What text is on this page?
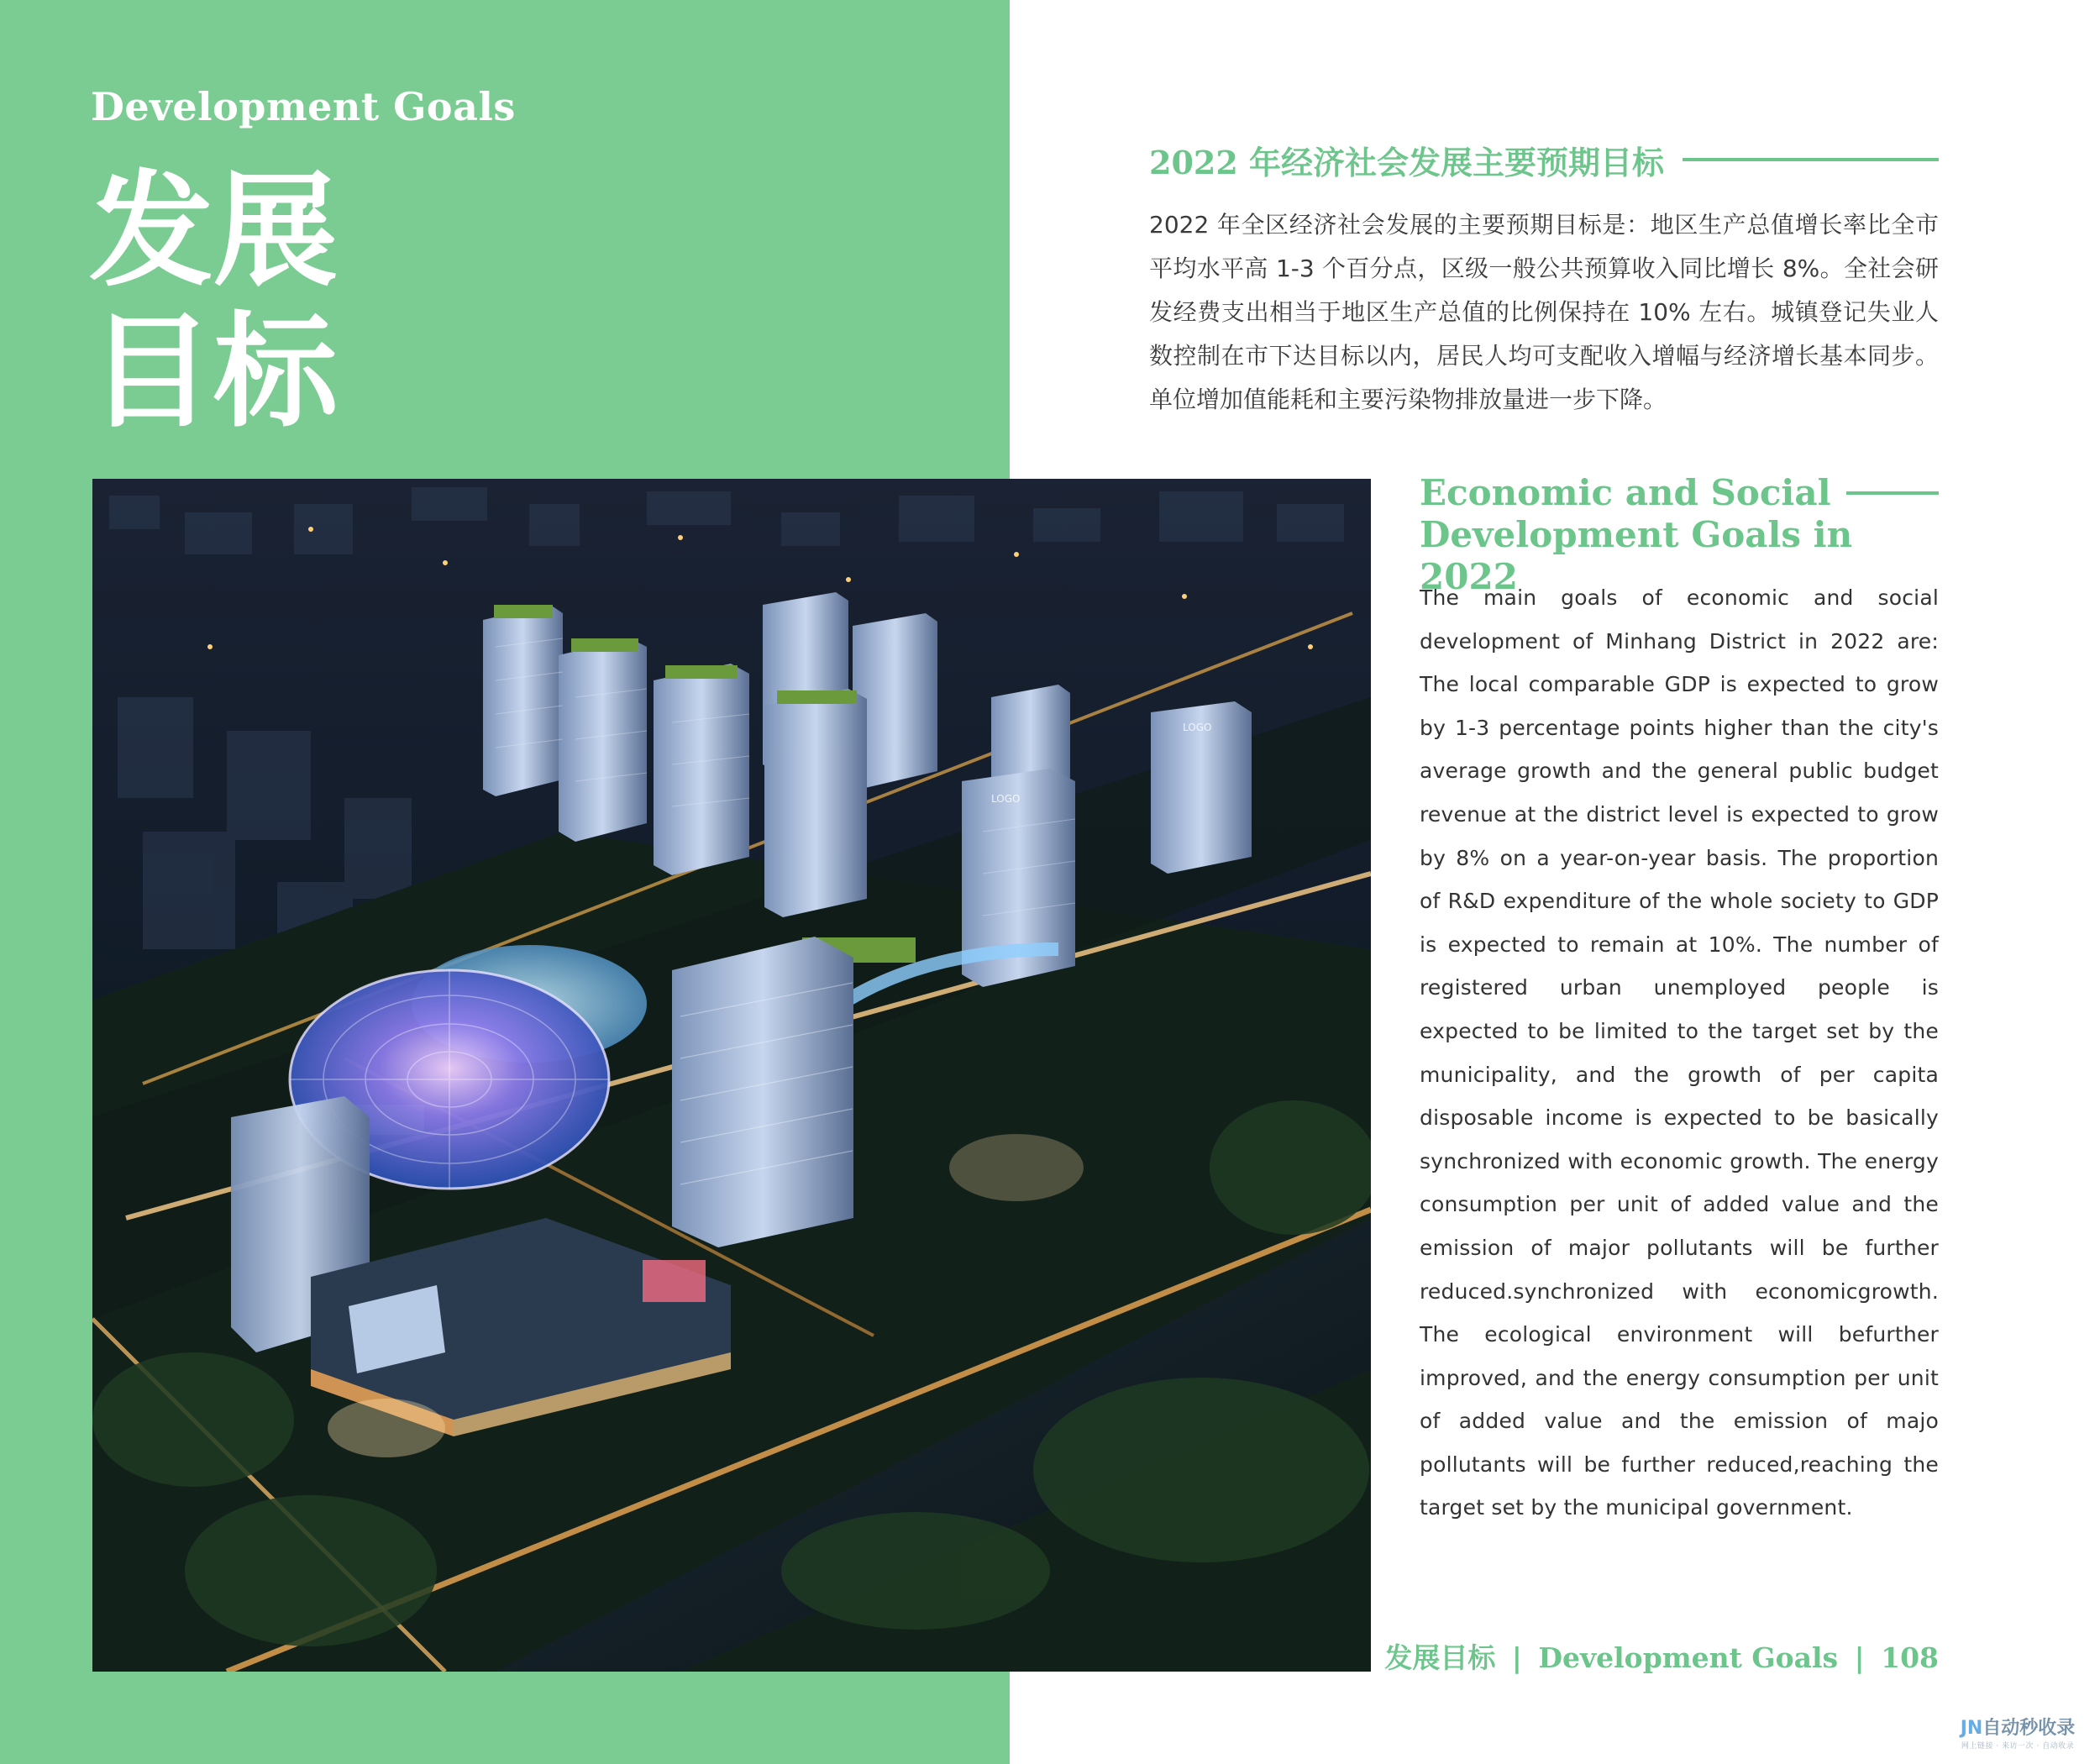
Development Goals
发展
目标
LOGO
LOGO
2022 年经济社会发展主要预期目标
2022 年全区经济社会发展的主要预期目标是：地区生产总值增长率比全市平均水平高 1-3 个百分点，区级一般公共预算收入同比增长 8%。全社会研发经费支出相当于地区生产总值的比例保持在 10% 左右。城镇登记失业人数控制在市下达目标以内，居民人均可支配收入增幅与经济增长基本同步。单位增加值能耗和主要污染物排放量进一步下降。
Economic and Social
Development Goals in 2022
The main goals of economic and social development of Minhang District in 2022 are: The local comparable GDP is expected to grow by 1-3 percentage points higher than the city's average growth and the general public budget revenue at the district level is expected to grow by 8% on a year-on-year basis. The proportion of R&D expenditure of the whole society to GDP is expected to remain at 10%. The number of registered urban unemployed people is expected to be limited to the target set by the municipality, and the growth of per capita disposable income is expected to be basically synchronized with economic growth. The energy consumption per unit of added value and the emission of major pollutants will be further reduced.synchronized with economicgrowth. The ecological environment will befurther improved, and the energy consumption per unit of added value and the emission of majo pollutants will be further reduced,reaching the target set by the municipal government.
发展目标 | Development Goals | 108
JN自动秒收录
网上链接 · 来访一次 · 自动收录
